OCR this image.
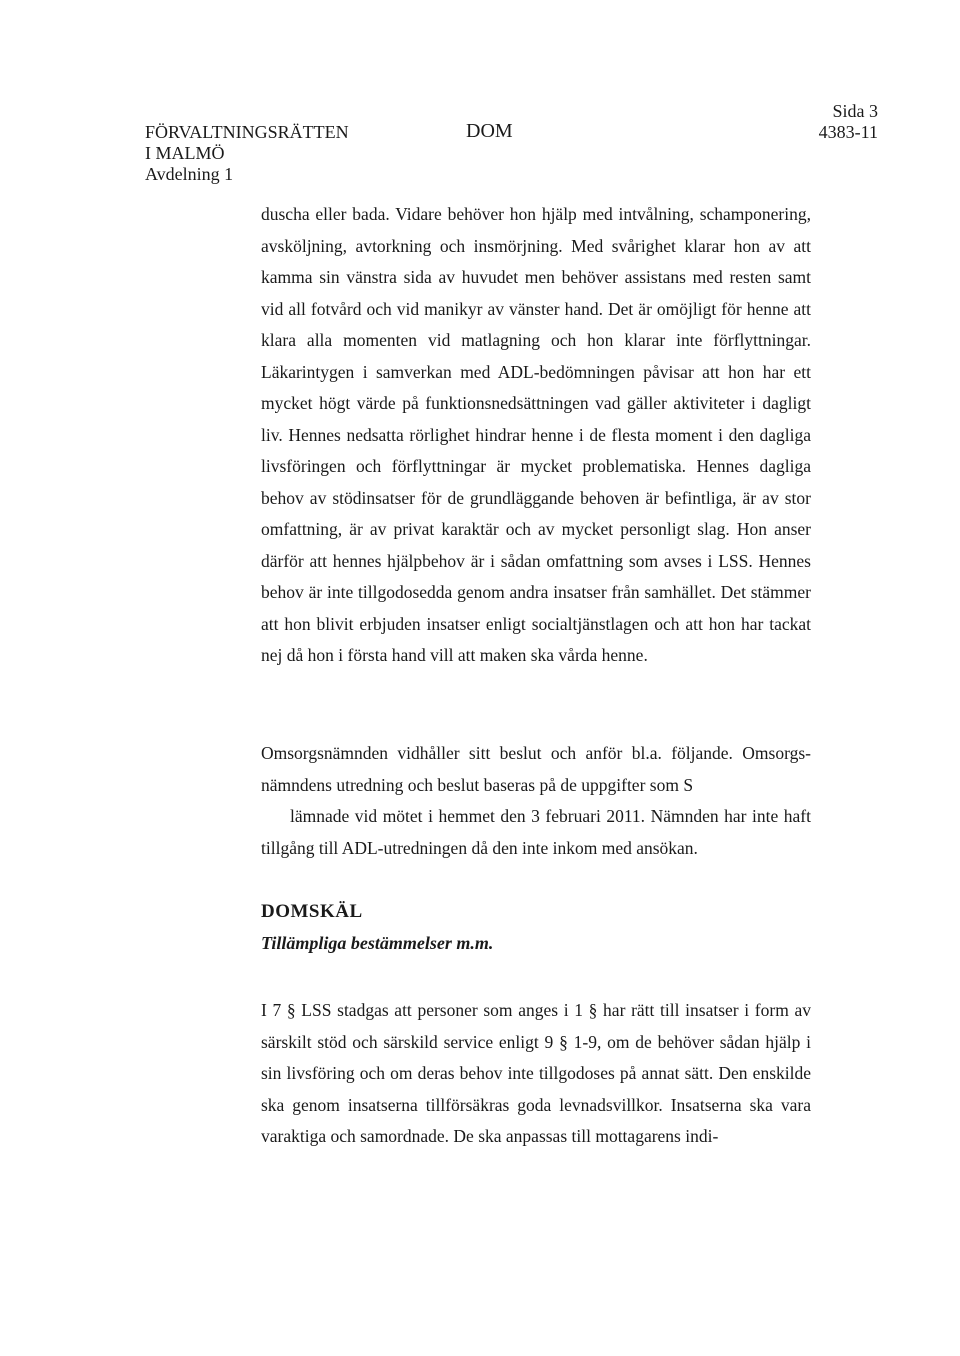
FÖRVALTNINGSRÄTTEN
I MALMÖ
Avdelning 1
DOM
Sida 3
4383-11

duscha eller bada. Vidare behöver hon hjälp med intvålning, schamponering, avsköljning, avtorkning och insmörjning. Med svårighet klarar hon av att kamma sin vänstra sida av huvudet men behöver assistans med resten samt vid all fotvård och vid manikyr av vänster hand. Det är omöjligt för henne att klara alla momenten vid matlagning och hon klarar inte förflyttningar. Läkarintygen i samverkan med ADL-bedömningen påvisar att hon har ett mycket högt värde på funktionsnedsättningen vad gäller aktiviteter i dagligt liv. Hennes nedsatta rörlighet hindrar henne i de flesta moment i den dagliga livsföringen och förflyttningar är mycket problematiska. Hennes dagliga behov av stödinsatser för de grundläggande behoven är befintliga, är av stor omfattning, är av privat karaktär och av mycket personligt slag. Hon anser därför att hennes hjälpbehov är i sådan omfattning som avses i LSS. Hennes behov är inte tillgodosedda genom andra insatser från samhället. Det stämmer att hon blivit erbjuden insatser enligt socialtjänstlagen och att hon har tackat nej då hon i första hand vill att maken ska vårda henne.

Omsorgsnämnden vidhåller sitt beslut och anför bl.a. följande. Omsorgsnämndens utredning och beslut baseras på de uppgifter som S

lämnade vid mötet i hemmet den 3 februari 2011. Nämnden har inte haft tillgång till ADL-utredningen då den inte inkom med ansökan.

DOMSKÄL
Tillämpliga bestämmelser m.m.

I 7 § LSS stadgas att personer som anges i 1 § har rätt till insatser i form av särskilt stöd och särskild service enligt 9 § 1-9, om de behöver sådan hjälp i sin livsföring och om deras behov inte tillgodoses på annat sätt. Den enskilde ska genom insatserna tillförsäkras goda levnadsvillkor. Insatserna ska vara varaktiga och samordnade. De ska anpassas till mottagarens indi-
